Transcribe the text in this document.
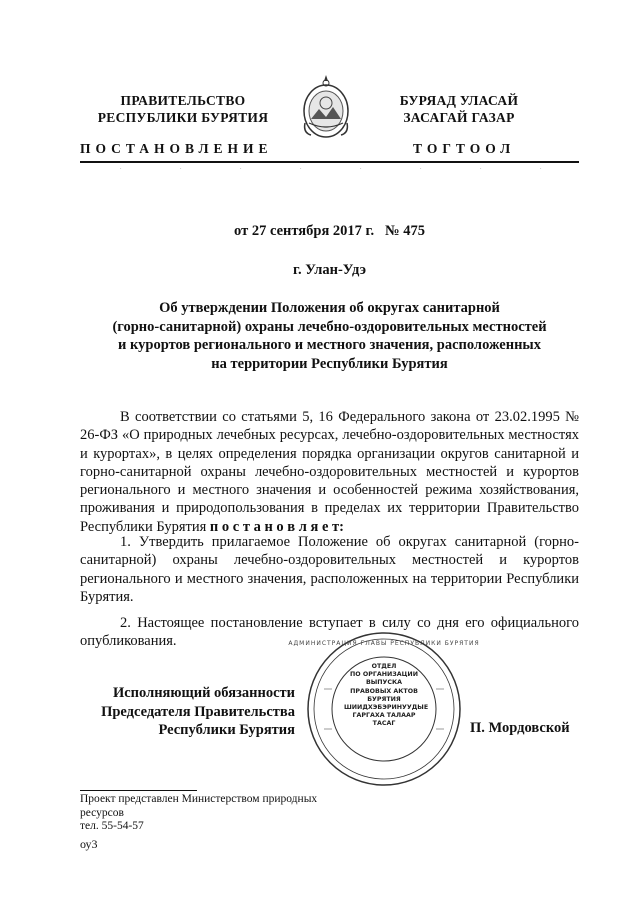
ПРАВИТЕЛЬСТВО
РЕСПУБЛИКИ БУРЯТИЯ
БУРЯАД УЛАСАЙ
ЗАСАГАЙ ГАЗАР
ПОСТАНОВЛЕНИЕ	ТОГТООЛ
.	.	.	.	.	.	.	.
от 27 сентября 2017 г.   № 475
г. Улан-Удэ
Об утверждении Положения об округах санитарной
(горно-санитарной) охраны лечебно-оздоровительных местностей
и курортов регионального и местного значения, расположенных
на территории Республики Бурятия
В соответствии со статьями 5, 16 Федерального закона от 23.02.1995 № 26-ФЗ «О природных лечебных ресурсах, лечебно-оздоровительных местностях и курортах», в целях определения порядка организации округов санитарной и горно-санитарной охраны лечебно-оздоровительных местностей и курортов регионального и местного значения и особенностей режима хозяйствования, проживания и природопользования в пределах их территории Правительство Республики Бурятия п о с т а н о в л я е т:
1. Утвердить прилагаемое Положение об округах санитарной (горно-санитарной) охраны лечебно-оздоровительных местностей и курортов регионального и местного значения, расположенных на территории Республики Бурятия.
2. Настоящее постановление вступает в силу со дня его официального опубликования.	АДМИНИСТРАЦИЯ ГЛАВЫ РЕСПУБЛИКИ БУРЯТИЯ
ОТДЕЛ
ПО ОРГАНИЗАЦИИ
ВЫПУСКА
ПРАВОВЫХ АКТОВ
БУРЯТИЯ
ШИИДХЭБЭРИНУУДЫЕ
ГАРГАХА ТАЛААР
ТАСАГ
Исполняющий обязанности
Председателя Правительства
Республики Бурятия	П. Мордовской
Проект представлен Министерством природных
ресурсов
тел. 55-54-57
оу3
